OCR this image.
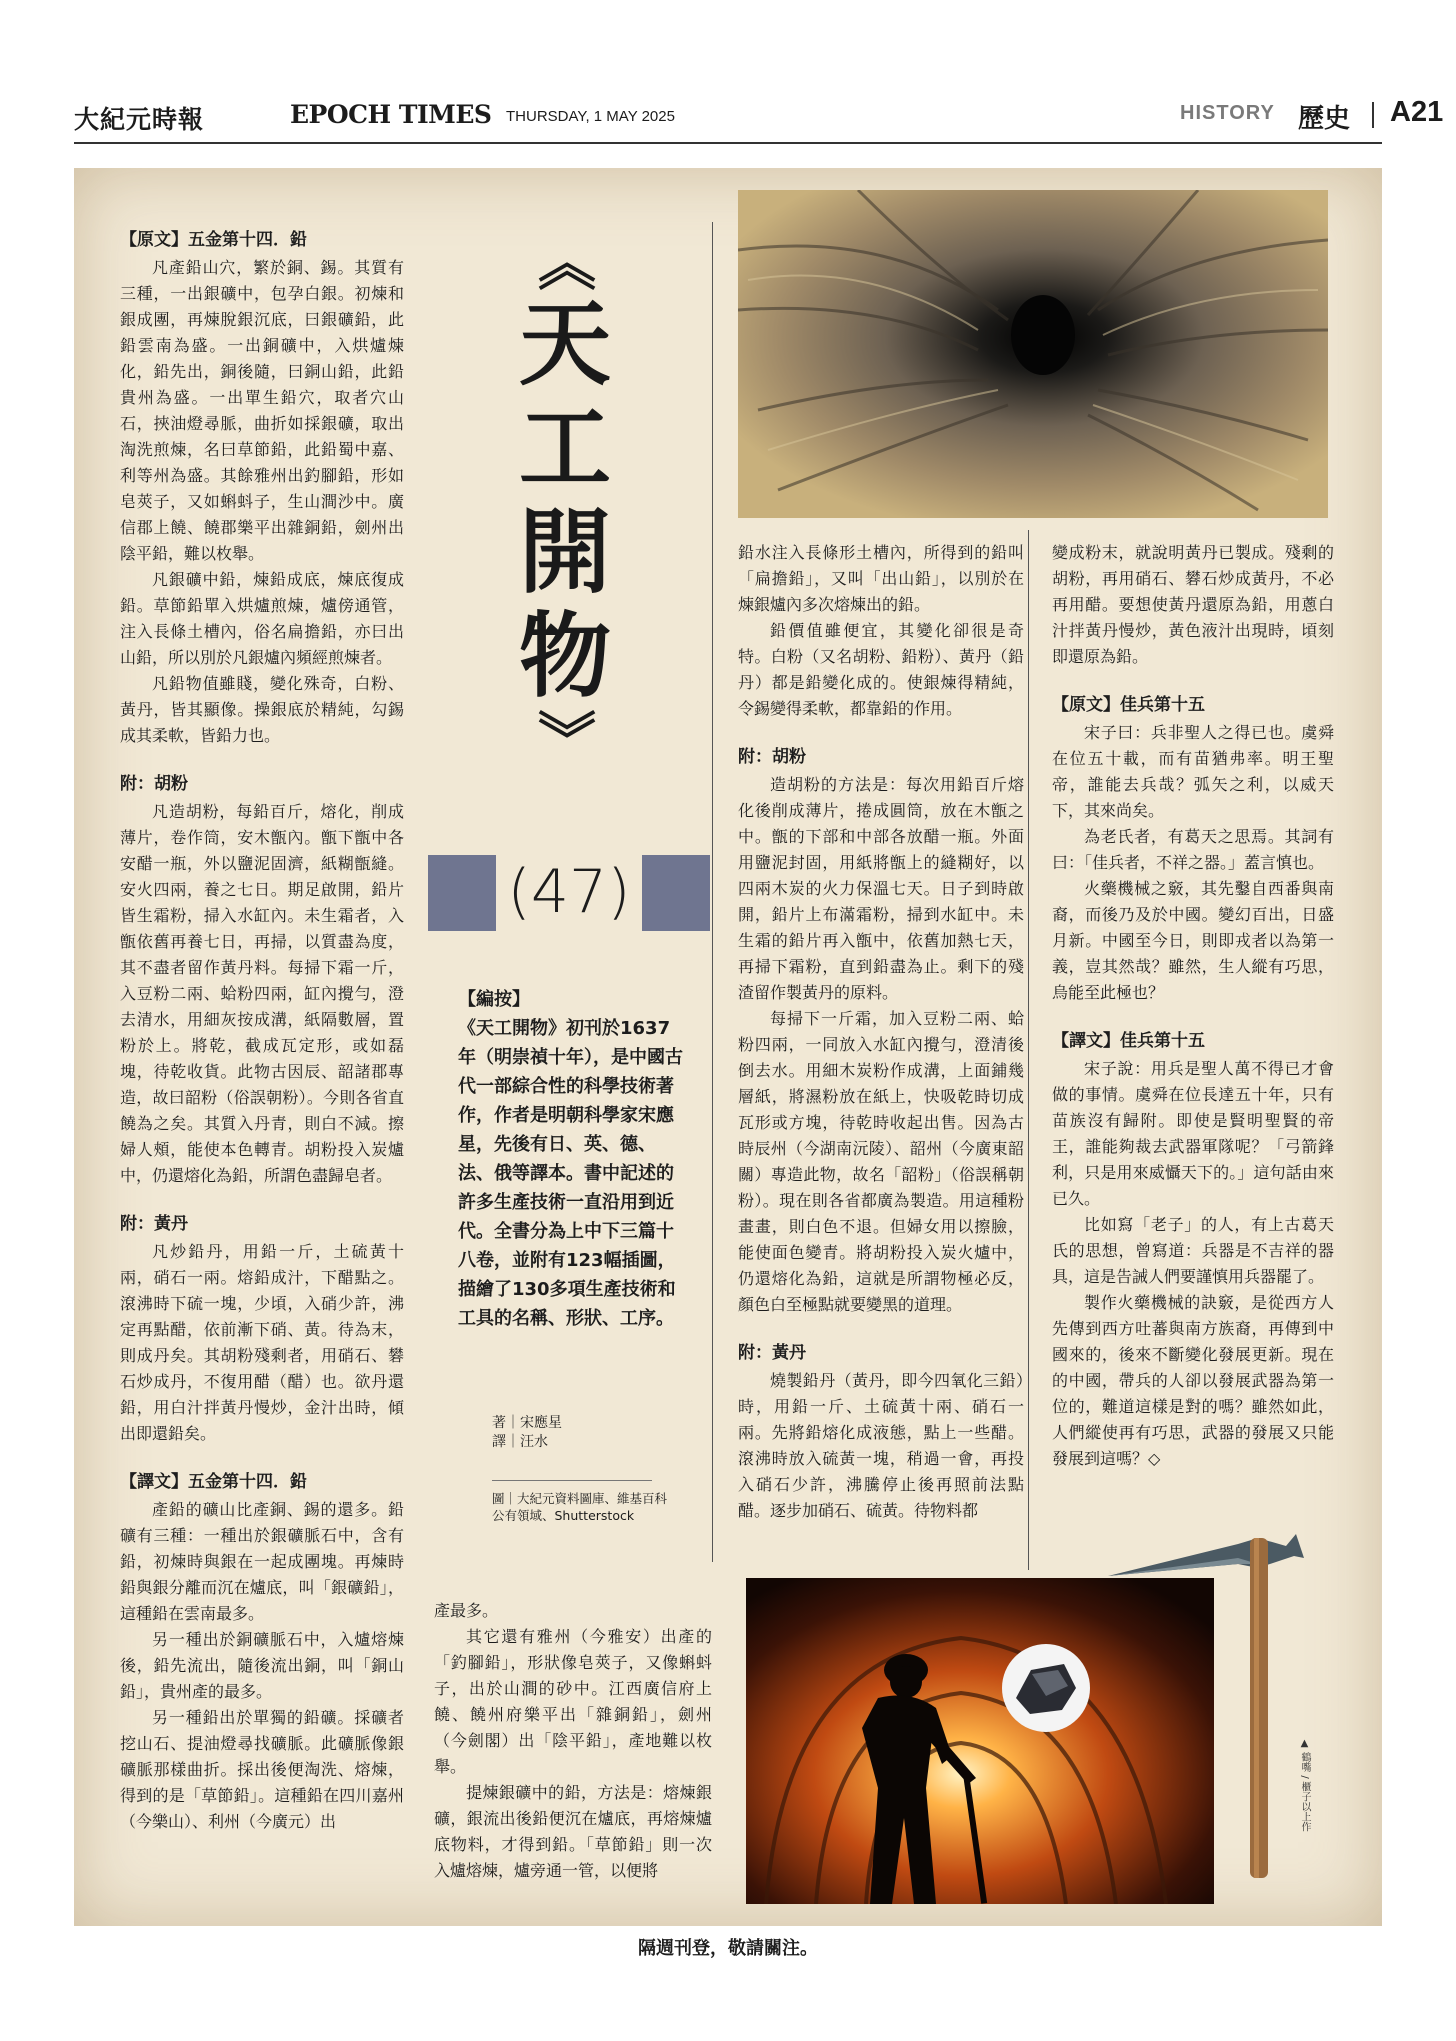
大紀元時報	EPOCH TIMES THURSDAY, 1 MAY 2025	HISTORY 歷史 A21
【原文】五金第十四．鉛

凡產鉛山穴，繁於銅、錫。其質有三種，一出銀礦中，包孕白銀。初煉和銀成團，再煉脫銀沉底，曰銀礦鉛，此鉛雲南為盛。一出銅礦中，入烘爐煉化，鉛先出，銅後隨，曰銅山鉛，此鉛貴州為盛。一出單生鉛穴，取者穴山石，挾油燈尋脈，曲折如採銀礦，取出淘洗煎煉，名曰草節鉛，此鉛蜀中嘉、利等州為盛。其餘雅州出釣腳鉛，形如皂莢子，又如蝌蚪子，生山澗沙中。廣信郡上饒、饒郡樂平出雜銅鉛，劍州出陰平鉛，難以枚舉。

凡銀礦中鉛，煉鉛成底，煉底復成鉛。草節鉛單入烘爐煎煉，爐傍通管，注入長條土槽內，俗名扁擔鉛，亦曰出山鉛，所以別於凡銀爐內頻經煎煉者。

凡鉛物值雖賤，變化殊奇，白粉、黃丹，皆其顯像。操銀底於精純，勾錫成其柔軟，皆鉛力也。

附：胡粉

凡造胡粉，每鉛百斤，熔化，削成薄片，卷作筒，安木甑內。甑下甑中各安醋一瓶，外以鹽泥固濟，紙糊甑縫。安火四兩，養之七日。期足啟開，鉛片皆生霜粉，掃入水缸內。未生霜者，入甑依舊再養七日，再掃，以質盡為度，其不盡者留作黃丹料。每掃下霜一斤，入豆粉二兩、蛤粉四兩，缸內攪勻，澄去清水，用細灰按成溝，紙隔數層，置粉於上。將乾，截成瓦定形，或如磊塊，待乾收貨。此物古因辰、韶諸郡專造，故曰韶粉（俗誤朝粉）。今則各省直饒為之矣。其質入丹青，則白不減。擦婦人頰，能使本色轉青。胡粉投入炭爐中，仍還熔化為鉛，所謂色盡歸皂者。

附：黃丹

凡炒鉛丹，用鉛一斤，土硫黃十兩，硝石一兩。熔鉛成汁，下醋點之。滾沸時下硫一塊，少頃，入硝少許，沸定再點醋，依前漸下硝、黃。待為末，則成丹矣。其胡粉殘剩者，用硝石、礬石炒成丹，不復用醋（醋）也。欲丹還鉛，用白汁拌黃丹慢炒，金汁出時，傾出即還鉛矣。

【譯文】五金第十四．鉛

產鉛的礦山比產銅、錫的還多。鉛礦有三種：一種出於銀礦脈石中，含有鉛，初煉時與銀在一起成團塊。再煉時鉛與銀分離而沉在爐底，叫「銀礦鉛」，這種鉛在雲南最多。

另一種出於銅礦脈石中，入爐熔煉後，鉛先流出，隨後流出銅，叫「銅山鉛」，貴州產的最多。

另一種鉛出於單獨的鉛礦。採礦者挖山石、提油燈尋找礦脈。此礦脈像銀礦脈那樣曲折。採出後便淘洗、熔煉，得到的是「草節鉛」。這種鉛在四川嘉州（今樂山）、利州（今廣元）出

產最多。

其它還有雅州（今雅安）出產的「釣腳鉛」，形狀像皂莢子，又像蝌蚪子，出於山澗的砂中。江西廣信府上饒、饒州府樂平出「雜銅鉛」，劍州（今劍閣）出「陰平鉛」，產地難以枚舉。

提煉銀礦中的鉛，方法是：熔煉銀礦，銀流出後鉛便沉在爐底，再熔煉爐底物料，才得到鉛。「草節鉛」則一次入爐熔煉，爐旁通一管，以便將

《
天
工
開
物
》
(47)
【編按】
《天工開物》初刊於1637年（明崇禎十年），是中國古代一部綜合性的科學技術著作，作者是明朝科學家宋應星，先後有日、英、德、法、俄等譯本。書中記述的許多生產技術一直沿用到近代。全書分為上中下三篇十八卷，並附有123幅插圖，描繪了130多項生產技術和工具的名稱、形狀、工序。
著｜宋應星
譯｜汪水
圖｜大紀元資料圖庫、維基百科公有領域、Shutterstock

鉛水注入長條形土槽內，所得到的鉛叫「扁擔鉛」，又叫「出山鉛」，以別於在煉銀爐內多次熔煉出的鉛。

鉛價值雖便宜，其變化卻很是奇特。白粉（又名胡粉、鉛粉）、黃丹（鉛丹）都是鉛變化成的。使銀煉得精純，令錫變得柔軟，都靠鉛的作用。

附：胡粉

造胡粉的方法是：每次用鉛百斤熔化後削成薄片，捲成圓筒，放在木甑之中。甑的下部和中部各放醋一瓶。外面用鹽泥封固，用紙將甑上的縫糊好，以四兩木炭的火力保溫七天。日子到時啟開，鉛片上布滿霜粉，掃到水缸中。未生霜的鉛片再入甑中，依舊加熱七天，再掃下霜粉，直到鉛盡為止。剩下的殘渣留作製黃丹的原料。

每掃下一斤霜，加入豆粉二兩、蛤粉四兩，一同放入水缸內攪勻，澄清後倒去水。用細木炭粉作成溝，上面鋪幾層紙，將濕粉放在紙上，快吸乾時切成瓦形或方塊，待乾時收起出售。因為古時辰州（今湖南沅陵）、韶州（今廣東韶關）專造此物，故名「韶粉」（俗誤稱朝粉）。現在則各省都廣為製造。用這種粉畫畫，則白色不退。但婦女用以擦臉，能使面色變青。將胡粉投入炭火爐中，仍還熔化為鉛，這就是所謂物極必反，顏色白至極點就要變黑的道理。

附：黃丹

燒製鉛丹（黃丹，即今四氧化三鉛）時，用鉛一斤、土硫黃十兩、硝石一兩。先將鉛熔化成液態，點上一些醋。滾沸時放入硫黃一塊，稍過一會，再投入硝石少許，沸騰停止後再照前法點醋。逐步加硝石、硫黃。待物料都

變成粉末，就說明黃丹已製成。殘剩的胡粉，再用硝石、礬石炒成黃丹，不必再用醋。要想使黃丹還原為鉛，用蔥白汁拌黃丹慢炒，黃色液汁出現時，頃刻即還原為鉛。

【原文】佳兵第十五

宋子曰：兵非聖人之得已也。虞舜在位五十載，而有苗猶弗率。明王聖帝，誰能去兵哉？弧矢之利，以威天下，其來尚矣。

為老氏者，有葛天之思焉。其詞有曰：「佳兵者，不祥之器。」蓋言慎也。

火藥機械之竅，其先鑿自西番與南裔，而後乃及於中國。變幻百出，日盛月新。中國至今日，則即戎者以為第一義，豈其然哉？雖然，生人縱有巧思，烏能至此極也？

【譯文】佳兵第十五

宋子說：用兵是聖人萬不得已才會做的事情。虞舜在位長達五十年，只有苗族沒有歸附。即使是賢明聖賢的帝王，誰能夠裁去武器軍隊呢？「弓箭鋒利，只是用來威懾天下的。」這句話由來已久。

比如寫「老子」的人，有上古葛天氏的思想，曾寫道：兵器是不吉祥的器具，這是告誡人們要謹慎用兵器罷了。

製作火藥機械的訣竅，是從西方人先傳到西方吐蕃與南方族裔，再傳到中國來的，後來不斷變化發展更新。現在的中國，帶兵的人卻以發展武器為第一位的，難道這樣是對的嗎？雖然如此，人們縱使再有巧思，武器的發展又只能發展到這嗎？◇

▲ 鶴嘴 / 櫃子以上作
隔週刊登，敬請關注。
